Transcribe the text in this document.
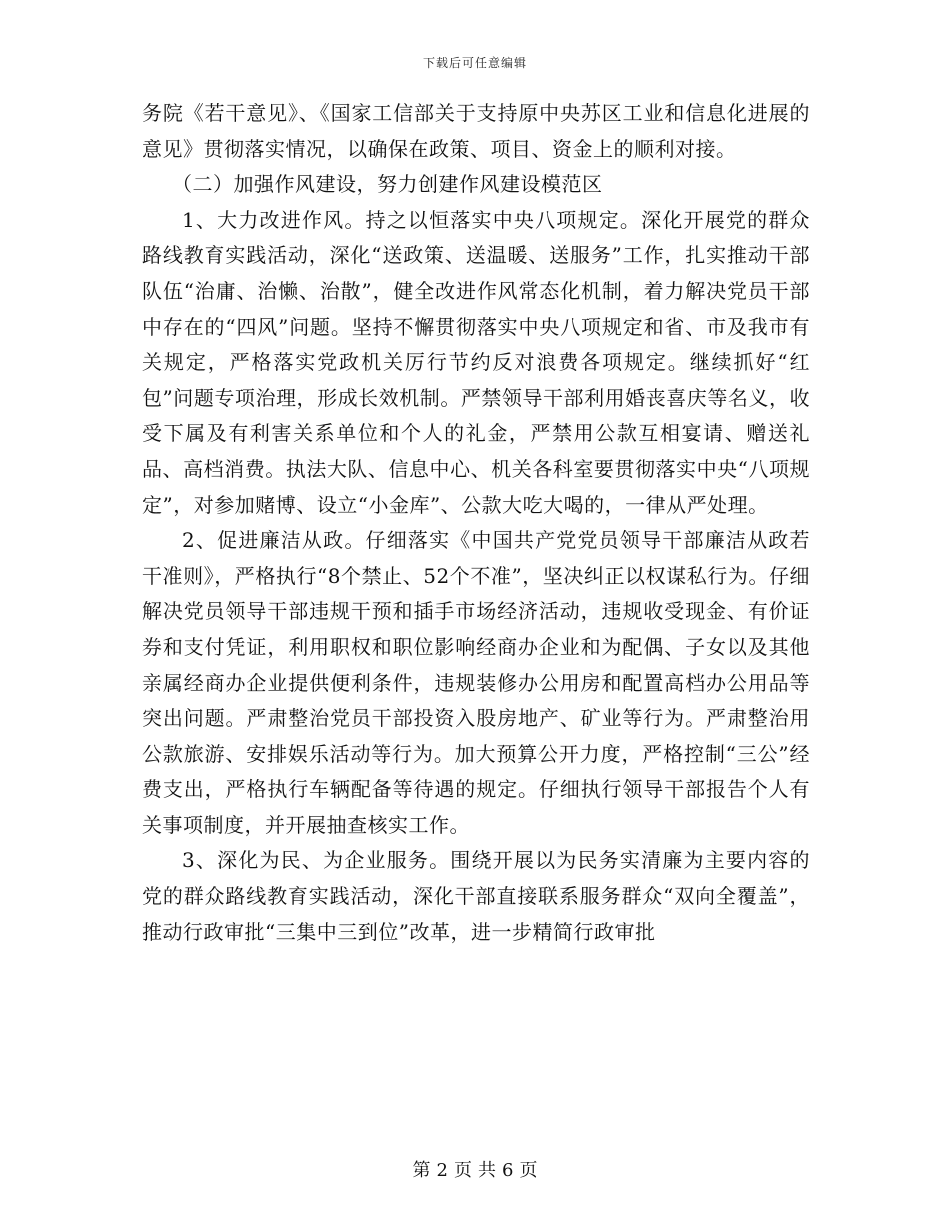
下载后可任意编辑

务院《若干意见》、《国家工信部关于支持原中央苏区工业和信息化进展的意见》贯彻落实情况，以确保在政策、项目、资金上的顺利对接。

（二）加强作风建设，努力创建作风建设模范区

1、大力改进作风。持之以恒落实中央八项规定。深化开展党的群众路线教育实践活动，深化“送政策、送温暖、送服务”工作，扎实推动干部队伍“治庸、治懒、治散”，健全改进作风常态化机制，着力解决党员干部中存在的“四风”问题。坚持不懈贯彻落实中央八项规定和省、市及我市有关规定，严格落实党政机关厉行节约反对浪费各项规定。继续抓好“红包”问题专项治理，形成长效机制。严禁领导干部利用婚丧喜庆等名义，收受下属及有利害关系单位和个人的礼金，严禁用公款互相宴请、赠送礼品、高档消费。执法大队、信息中心、机关各科室要贯彻落实中央“八项规定”，对参加赌博、设立“小金库”、公款大吃大喝的，一律从严处理。

2、促进廉洁从政。仔细落实《中国共产党党员领导干部廉洁从政若干准则》，严格执行“8个禁止、52个不准”，坚决纠正以权谋私行为。仔细解决党员领导干部违规干预和插手市场经济活动，违规收受现金、有价证券和支付凭证，利用职权和职位影响经商办企业和为配偶、子女以及其他亲属经商办企业提供便利条件，违规装修办公用房和配置高档办公用品等突出问题。严肃整治党员干部投资入股房地产、矿业等行为。严肃整治用公款旅游、安排娱乐活动等行为。加大预算公开力度，严格控制“三公”经费支出，严格执行车辆配备等待遇的规定。仔细执行领导干部报告个人有关事项制度，并开展抽查核实工作。

3、深化为民、为企业服务。围绕开展以为民务实清廉为主要内容的党的群众路线教育实践活动，深化干部直接联系服务群众“双向全覆盖”，推动行政审批“三集中三到位”改革，进一步精简行政审批

第 2 页 共 6 页
